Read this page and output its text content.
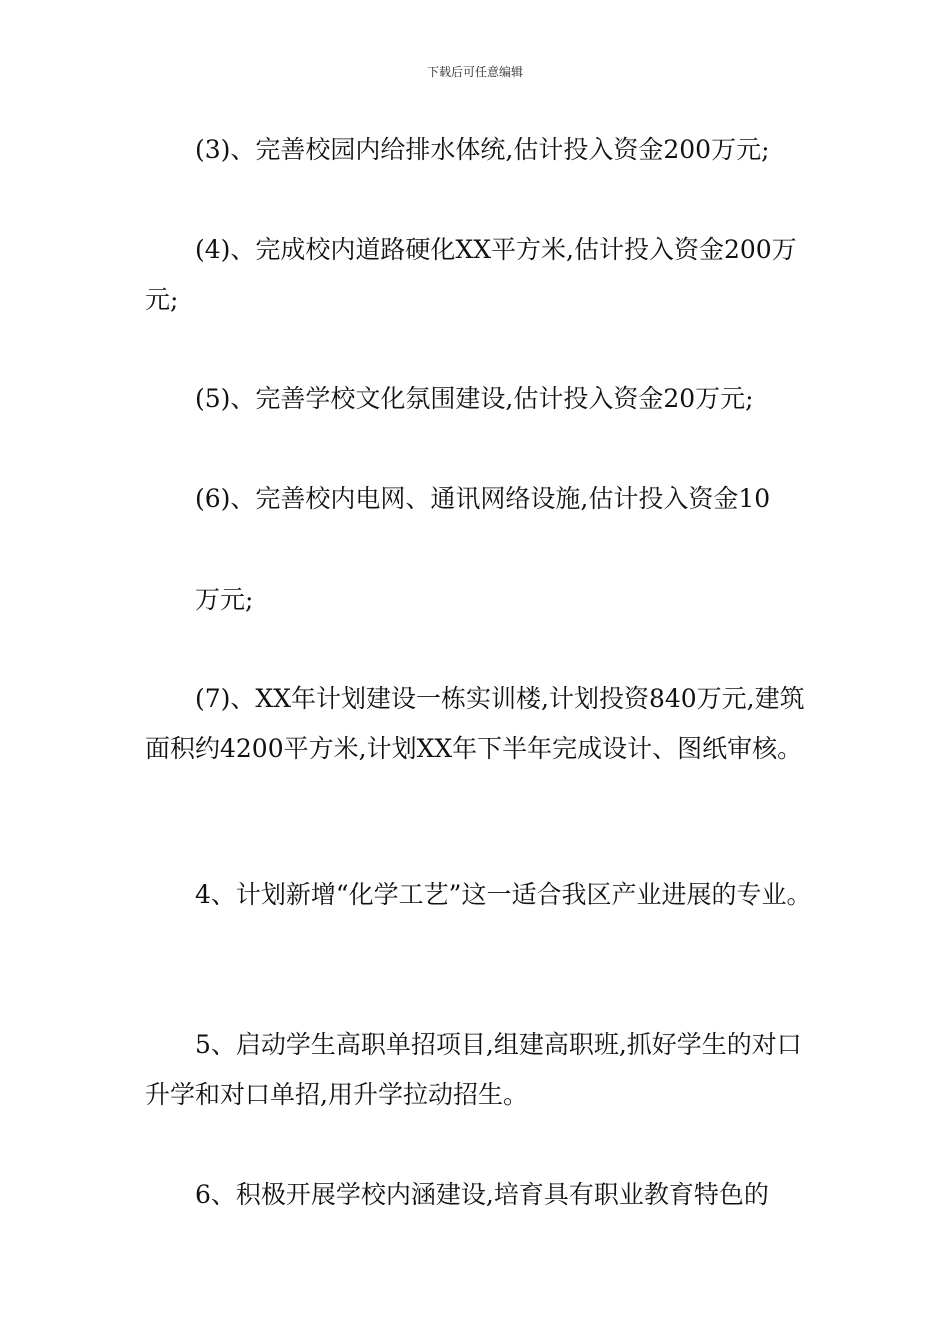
下载后可任意编辑
(3)、完善校园内给排水体统,估计投入资金200万元;
(4)、完成校内道路硬化XX平方米,估计投入资金200万元;
(5)、完善学校文化氛围建设,估计投入资金20万元;
(6)、完善校内电网、通讯网络设施,估计投入资金10
万元;
(7)、XX年计划建设一栋实训楼,计划投资840万元,建筑面积约4200平方米,计划XX年下半年完成设计、图纸审核。
4、计划新增“化学工艺”这一适合我区产业进展的专业。
5、启动学生高职单招项目,组建高职班,抓好学生的对口升学和对口单招,用升学拉动招生。
6、积极开展学校内涵建设,培育具有职业教育特色的
